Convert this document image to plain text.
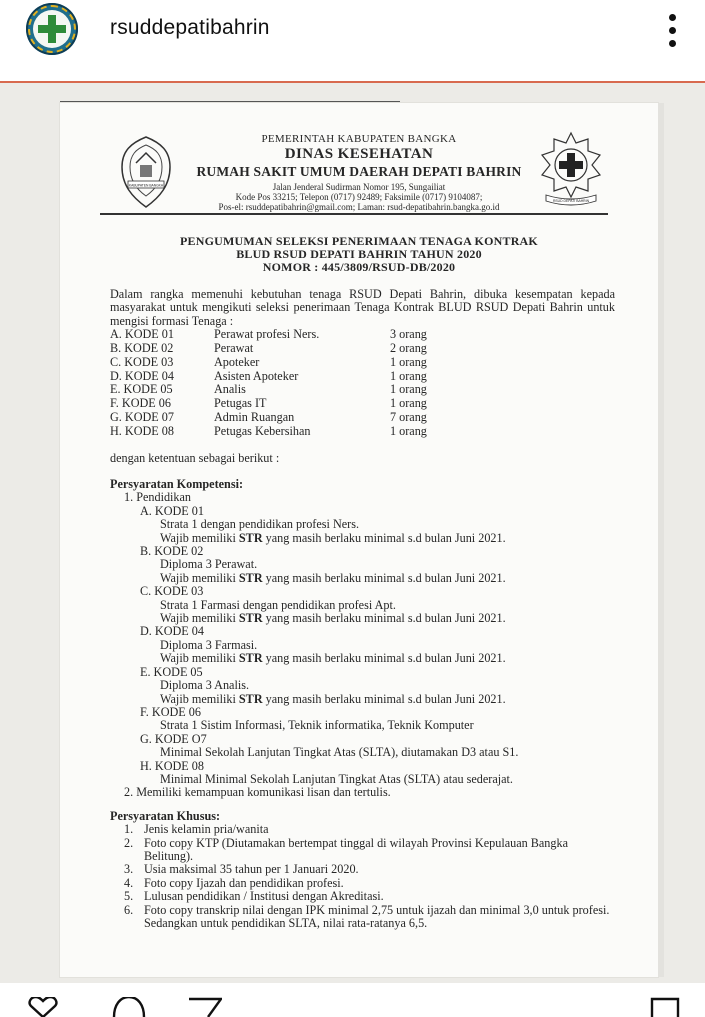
rsuddepatibahrin
KABUPATEN BANGKA
PEMERINTAH KABUPATEN BANGKA
DINAS KESEHATAN
RUMAH SAKIT UMUM DAERAH DEPATI BAHRIN
Jalan Jenderal Sudirman Nomor 195, Sungailiat
Kode Pos 33215; Telepon (0717) 92489; Faksimile (0717) 9104087;
Pos-el: rsuddepatibahrin@gmail.com; Laman: rsud-depatibahrin.bangka.go.id
RSUD DEPATI BAHRIN
PENGUMUMAN SELEKSI PENERIMAAN TENAGA KONTRAK
BLUD RSUD DEPATI BAHRIN TAHUN 2020
NOMOR : 445/3809/RSUD-DB/2020
Dalam rangka memenuhi kebutuhan tenaga RSUD Depati Bahrin, dibuka kesempatan kepada masyarakat untuk mengikuti seleksi penerimaan Tenaga Kontrak BLUD RSUD Depati Bahrin untuk mengisi formasi Tenaga :
A. KODE 01	Perawat profesi Ners.	3 orang
B. KODE 02	Perawat	2 orang
C. KODE 03	Apoteker	1 orang
D. KODE 04	Asisten Apoteker	1 orang
E. KODE 05	Analis	1 orang
F. KODE 06	Petugas IT	1 orang
G. KODE 07	Admin Ruangan	7 orang
H. KODE 08	Petugas Kebersihan	1 orang
dengan ketentuan sebagai berikut :
Persyaratan Kompetensi:
1. Pendidikan
A. KODE 01
Strata 1 dengan pendidikan profesi Ners.
Wajib memiliki STR yang masih berlaku minimal s.d bulan Juni 2021.
B. KODE 02
Diploma 3 Perawat.
Wajib memiliki STR yang masih berlaku minimal s.d bulan Juni 2021.
C. KODE 03
Strata 1 Farmasi dengan pendidikan profesi Apt.
Wajib memiliki STR yang masih berlaku minimal s.d bulan Juni 2021.
D. KODE 04
Diploma 3 Farmasi.
Wajib memiliki STR yang masih berlaku minimal s.d bulan Juni 2021.
E. KODE 05
Diploma 3 Analis.
Wajib memiliki STR yang masih berlaku minimal s.d bulan Juni 2021.
F. KODE 06
Strata 1 Sistim Informasi, Teknik informatika, Teknik Komputer
G. KODE O7
Minimal Sekolah Lanjutan Tingkat Atas (SLTA), diutamakan D3 atau S1.
H. KODE 08
Minimal Minimal Sekolah Lanjutan Tingkat Atas (SLTA) atau sederajat.
2. Memiliki kemampuan komunikasi lisan dan tertulis.
Persyaratan Khusus:
1. Jenis kelamin pria/wanita
2. Foto copy KTP (Diutamakan bertempat tinggal di wilayah Provinsi Kepulauan Bangka Belitung).
3. Usia maksimal 35 tahun per 1 Januari 2020.
4. Foto copy Ijazah dan pendidikan profesi.
5. Lulusan pendidikan / Institusi dengan Akreditasi.
6. Foto copy transkrip nilai dengan IPK minimal 2,75 untuk ijazah dan minimal 3,0 untuk profesi. Sedangkan untuk pendidikan SLTA, nilai rata-ratanya 6,5.
